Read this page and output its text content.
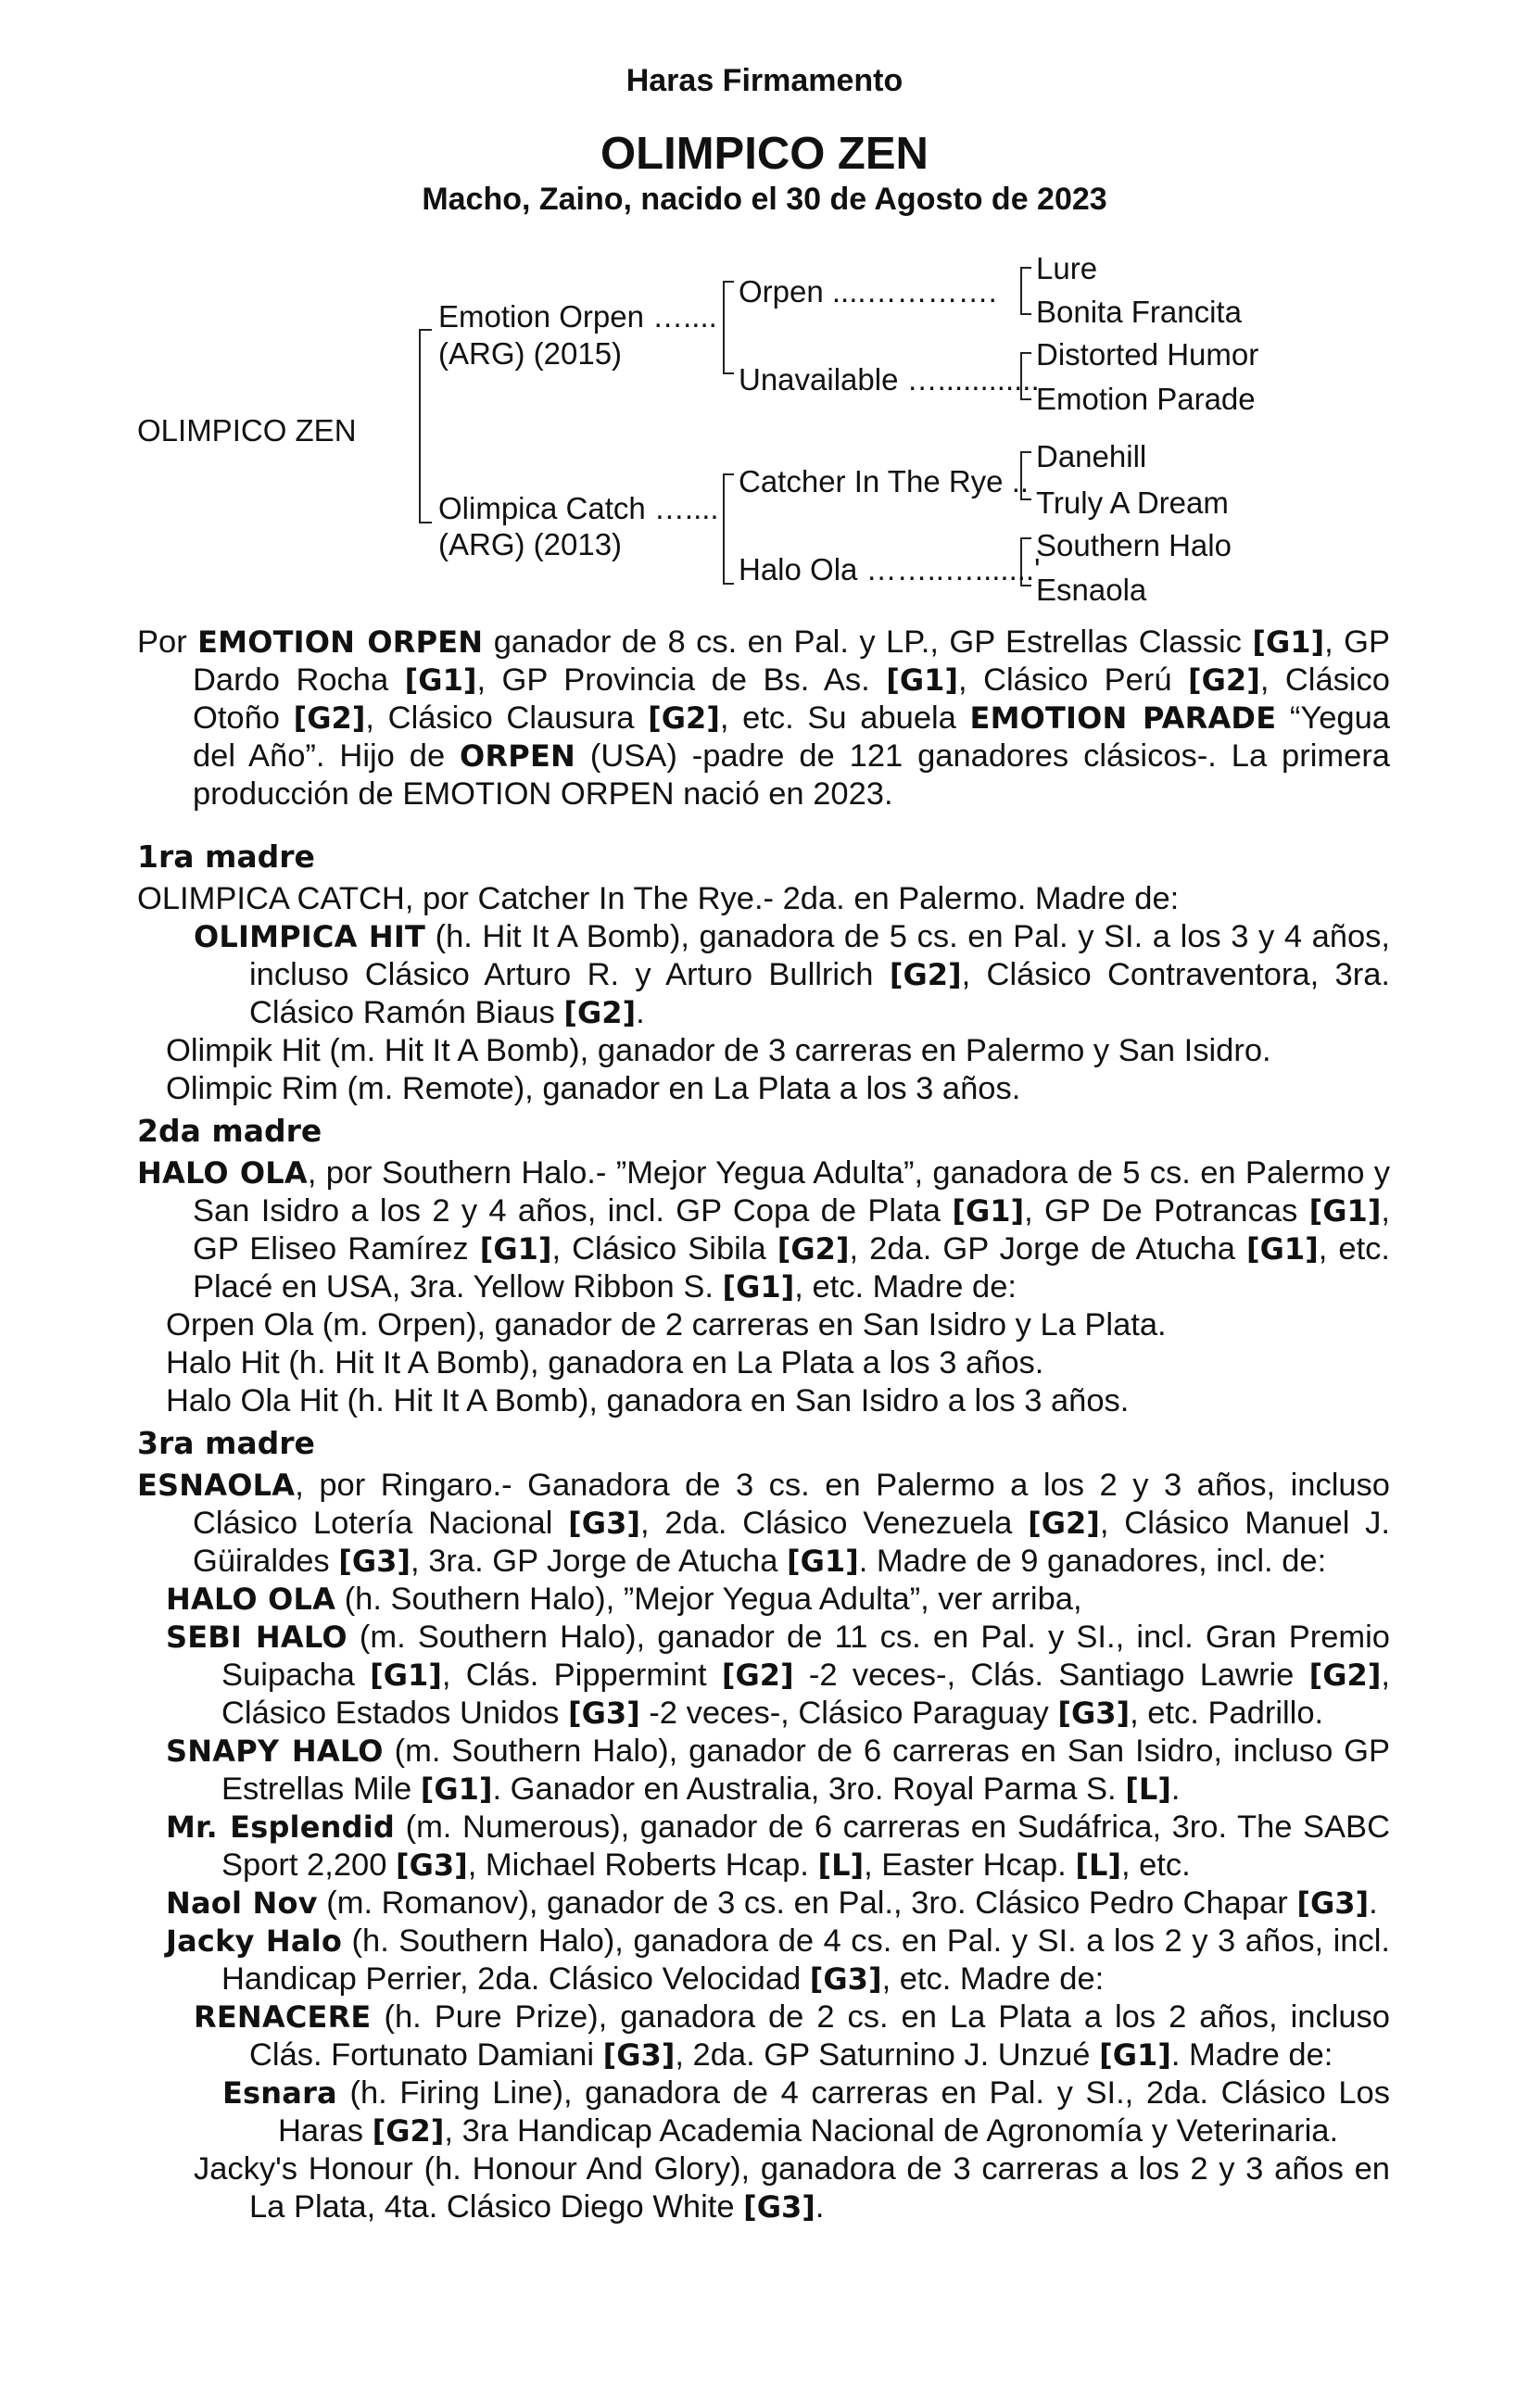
Haras Firmamento
OLIMPICO ZEN
Macho, Zaino, nacido el 30 de Agosto de 2023
OLIMPICO ZEN
Emotion Orpen …....
(ARG) (2015)
Olimpica Catch …....
(ARG) (2013)
Orpen ....………….
Unavailable …............
Catcher In The Rye ..
Halo Ola ……..….......'
Lure
Bonita Francita
Distorted Humor
Emotion Parade
Danehill
Truly A Dream
Southern Halo
Esnaola

Por EMOTION ORPEN ganador de 8 cs. en Pal. y LP., GP Estrellas Classic [G1], GP Dardo Rocha [G1], GP Provincia de Bs. As. [G1], Clásico Perú [G2], Clásico Otoño [G2], Clásico Clausura [G2], etc. Su abuela EMOTION PARADE “Yegua del Año”. Hijo de ORPEN (USA) -padre de 121 ganadores clásicos-. La primera producción de EMOTION ORPEN nació en 2023.

1ra madre

OLIMPICA CATCH, por Catcher In The Rye.- 2da. en Palermo. Madre de:

OLIMPICA HIT (h. Hit It A Bomb), ganadora de 5 cs. en Pal. y SI. a los 3 y 4 años, incluso Clásico Arturo R. y Arturo Bullrich [G2], Clásico Contraventora, 3ra. Clásico Ramón Biaus [G2].

Olimpik Hit (m. Hit It A Bomb), ganador de 3 carreras en Palermo y San Isidro.

Olimpic Rim (m. Remote), ganador en La Plata a los 3 años.

2da madre

HALO OLA, por Southern Halo.- ”Mejor Yegua Adulta”, ganadora de 5 cs. en Palermo y San Isidro a los 2 y 4 años, incl. GP Copa de Plata [G1], GP De Potrancas [G1], GP Eliseo Ramírez [G1], Clásico Sibila [G2], 2da. GP Jorge de Atucha [G1], etc. Placé en USA, 3ra. Yellow Ribbon S. [G1], etc. Madre de:

Orpen Ola (m. Orpen), ganador de 2 carreras en San Isidro y La Plata.

Halo Hit (h. Hit It A Bomb), ganadora en La Plata a los 3 años.

Halo Ola Hit (h. Hit It A Bomb), ganadora en San Isidro a los 3 años.

3ra madre

ESNAOLA, por Ringaro.- Ganadora de 3 cs. en Palermo a los 2 y 3 años, incluso Clásico Lotería Nacional [G3], 2da. Clásico Venezuela [G2], Clásico Manuel J. Güiraldes [G3], 3ra. GP Jorge de Atucha [G1]. Madre de 9 ganadores, incl. de:

HALO OLA (h. Southern Halo), ”Mejor Yegua Adulta”, ver arriba,

SEBI HALO (m. Southern Halo), ganador de 11 cs. en Pal. y SI., incl. Gran Premio Suipacha [G1], Clás. Pippermint [G2] -2 veces-, Clás. Santiago Lawrie [G2], Clásico Estados Unidos [G3] -2 veces-, Clásico Paraguay [G3], etc. Padrillo.

SNAPY HALO (m. Southern Halo), ganador de 6 carreras en San Isidro, incluso GP Estrellas Mile [G1]. Ganador en Australia, 3ro. Royal Parma S. [L].

Mr. Esplendid (m. Numerous), ganador de 6 carreras en Sudáfrica, 3ro. The SABC Sport 2,200 [G3], Michael Roberts Hcap. [L], Easter Hcap. [L], etc.

Naol Nov (m. Romanov), ganador de 3 cs. en Pal., 3ro. Clásico Pedro Chapar [G3].

Jacky Halo (h. Southern Halo), ganadora de 4 cs. en Pal. y SI. a los 2 y 3 años, incl. Handicap Perrier, 2da. Clásico Velocidad [G3], etc. Madre de:

RENACERE (h. Pure Prize), ganadora de 2 cs. en La Plata a los 2 años, incluso Clás. Fortunato Damiani [G3], 2da. GP Saturnino J. Unzué [G1]. Madre de:

Esnara (h. Firing Line), ganadora de 4 carreras en Pal. y SI., 2da. Clásico Los Haras [G2], 3ra Handicap Academia Nacional de Agronomía y Veterinaria.

Jacky's Honour (h. Honour And Glory), ganadora de 3 carreras a los 2 y 3 años en La Plata, 4ta. Clásico Diego White [G3].
